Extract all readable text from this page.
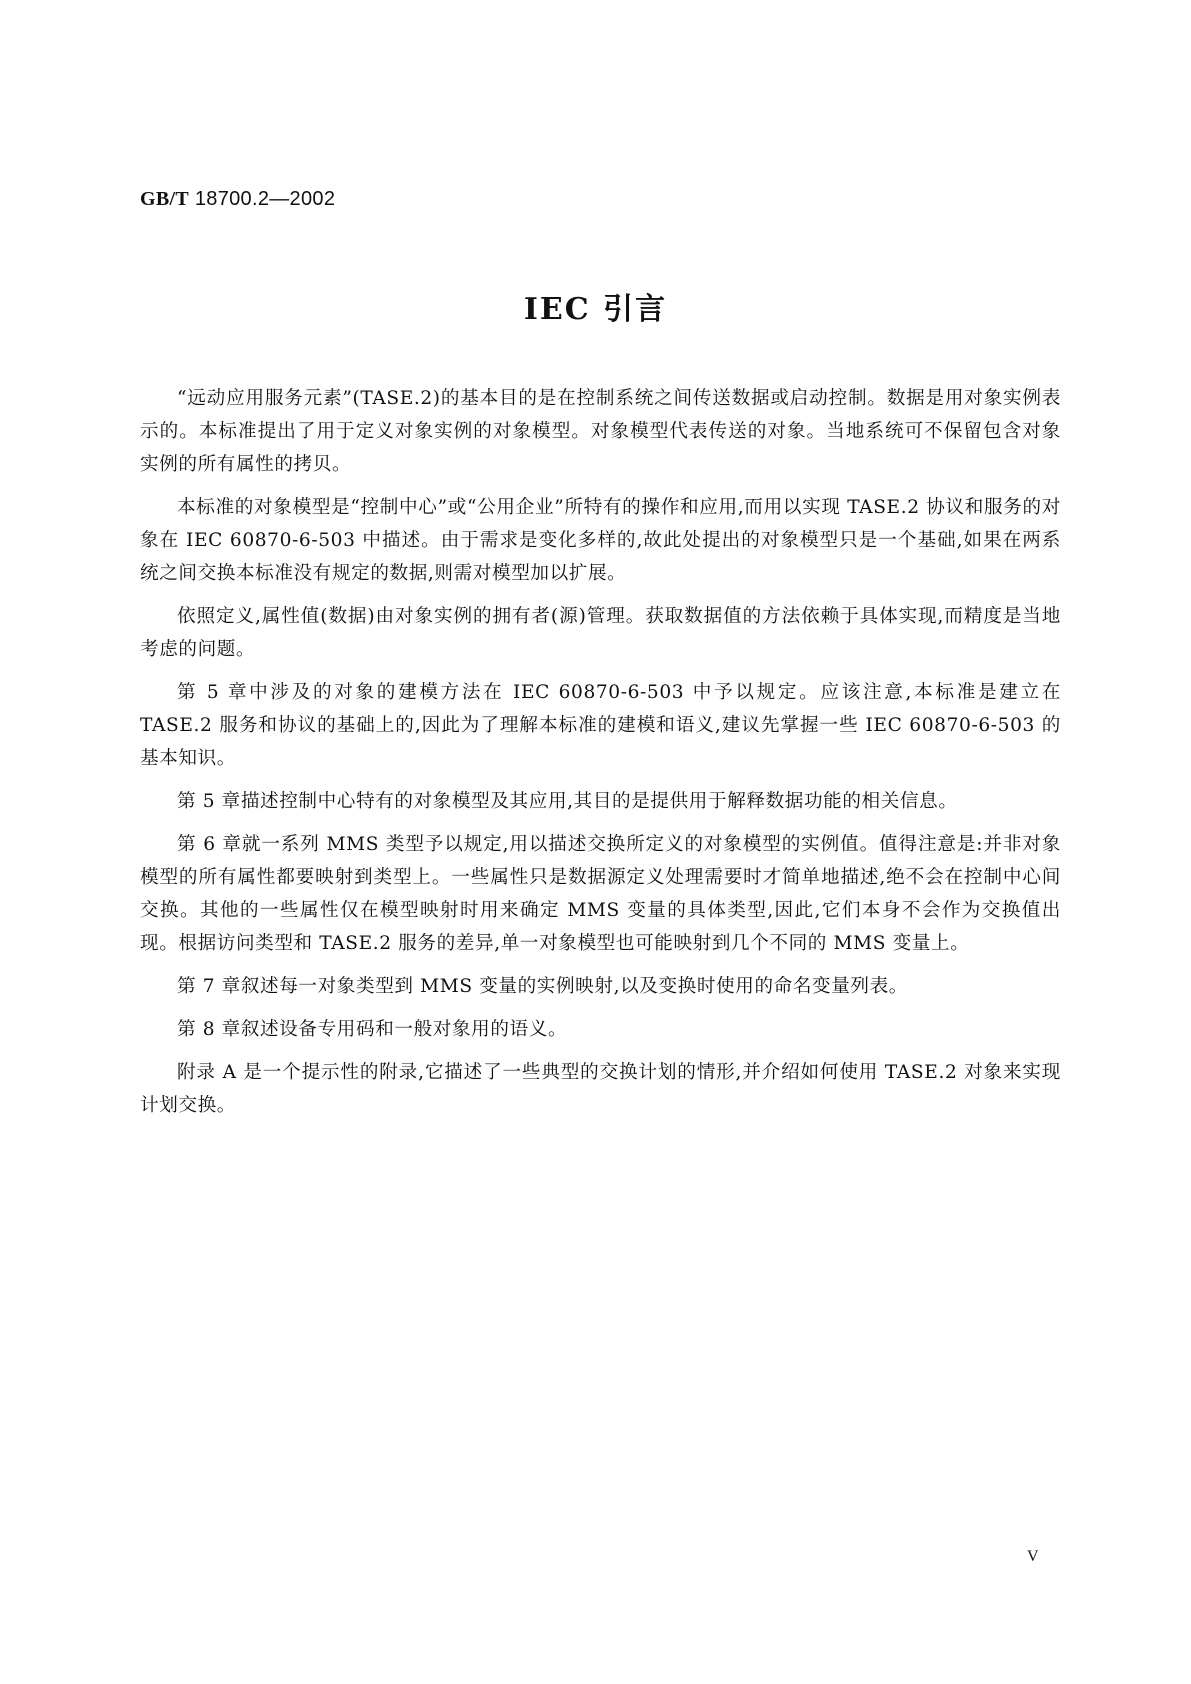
GB/T 18700.2—2002
IEC 引言

“远动应用服务元素”(TASE.2)的基本目的是在控制系统之间传送数据或启动控制。数据是用对象实例表示的。本标准提出了用于定义对象实例的对象模型。对象模型代表传送的对象。当地系统可不保留包含对象实例的所有属性的拷贝。

本标准的对象模型是“控制中心”或“公用企业”所特有的操作和应用,而用以实现 TASE.2 协议和服务的对象在 IEC 60870-6-503 中描述。由于需求是变化多样的,故此处提出的对象模型只是一个基础,如果在两系统之间交换本标准没有规定的数据,则需对模型加以扩展。

依照定义,属性值(数据)由对象实例的拥有者(源)管理。获取数据值的方法依赖于具体实现,而精度是当地考虑的问题。

第 5 章中涉及的对象的建模方法在 IEC 60870-6-503 中予以规定。应该注意,本标准是建立在 TASE.2 服务和协议的基础上的,因此为了理解本标准的建模和语义,建议先掌握一些 IEC 60870-6-503 的基本知识。

第 5 章描述控制中心特有的对象模型及其应用,其目的是提供用于解释数据功能的相关信息。

第 6 章就一系列 MMS 类型予以规定,用以描述交换所定义的对象模型的实例值。值得注意是:并非对象模型的所有属性都要映射到类型上。一些属性只是数据源定义处理需要时才简单地描述,绝不会在控制中心间交换。其他的一些属性仅在模型映射时用来确定 MMS 变量的具体类型,因此,它们本身不会作为交换值出现。根据访问类型和 TASE.2 服务的差异,单一对象模型也可能映射到几个不同的 MMS 变量上。

第 7 章叙述每一对象类型到 MMS 变量的实例映射,以及变换时使用的命名变量列表。

第 8 章叙述设备专用码和一般对象用的语义。

附录 A 是一个提示性的附录,它描述了一些典型的交换计划的情形,并介绍如何使用 TASE.2 对象来实现计划交换。

V
